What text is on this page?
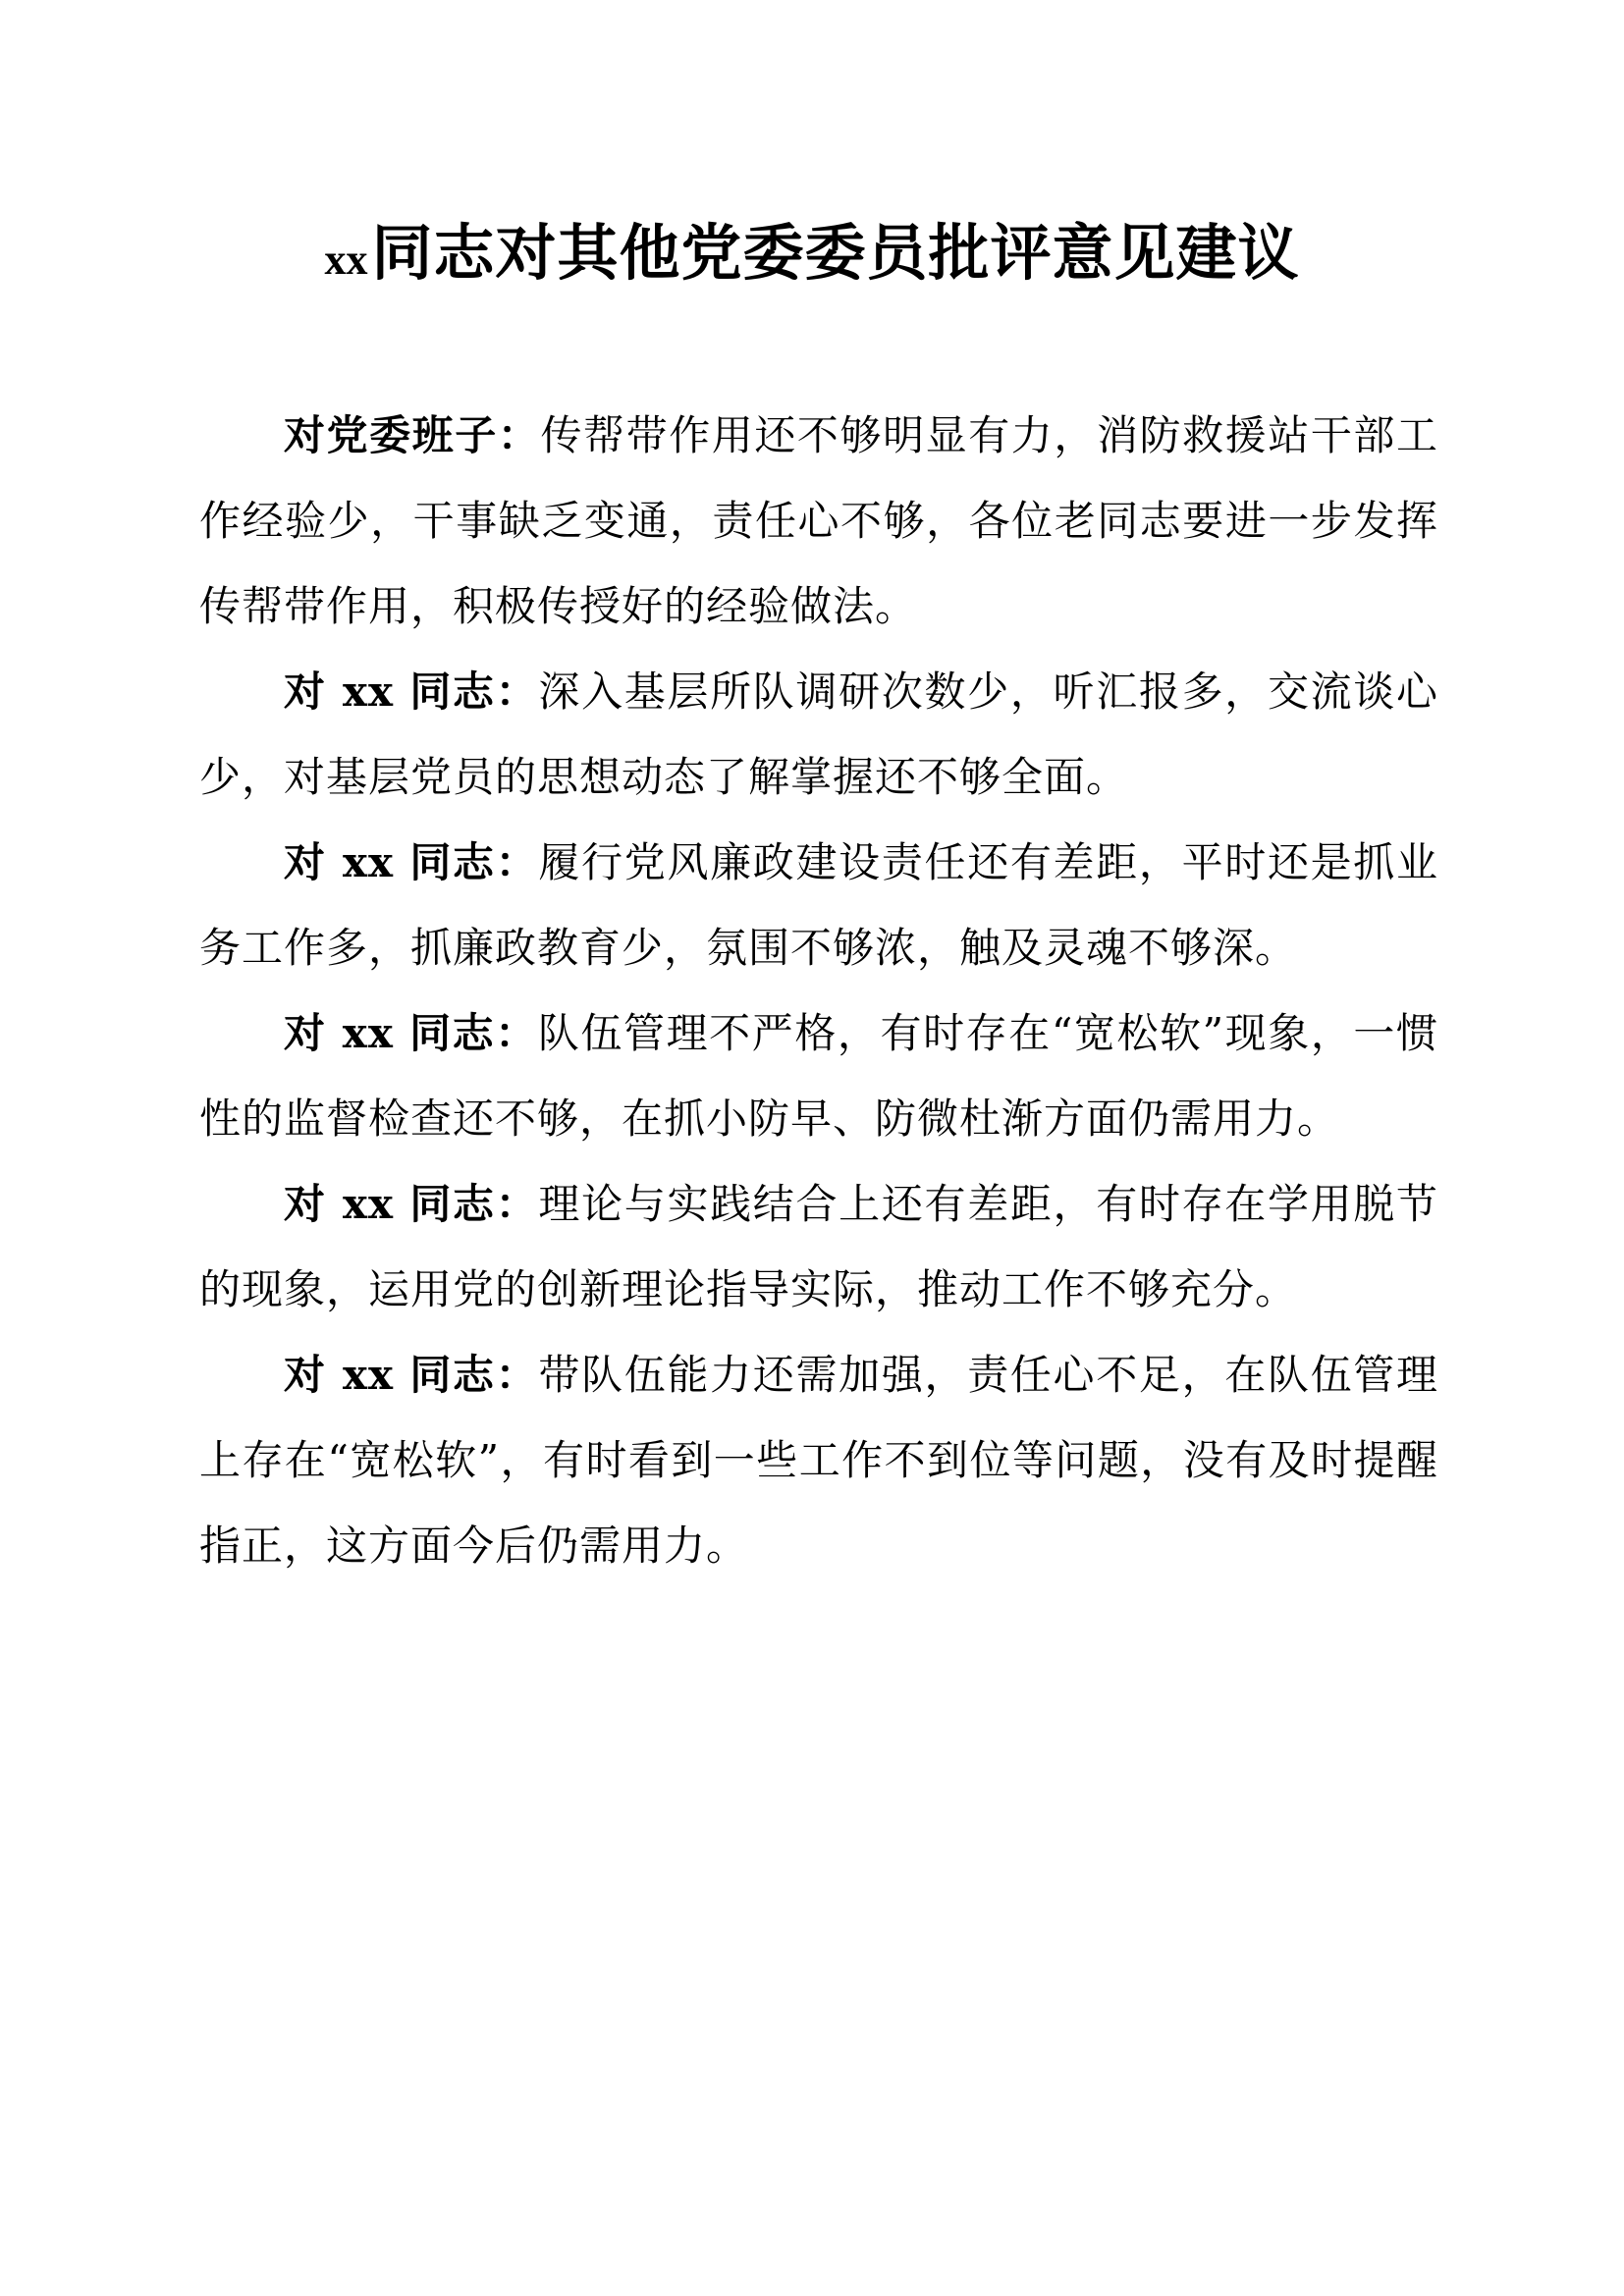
xx同志对其他党委委员批评意见建议

对党委班子：传帮带作用还不够明显有力，消防救援站干部工作经验少，干事缺乏变通，责任心不够，各位老同志要进一步发挥传帮带作用，积极传授好的经验做法。

对 xx 同志：深入基层所队调研次数少，听汇报多，交流谈心少，对基层党员的思想动态了解掌握还不够全面。

对 xx 同志：履行党风廉政建设责任还有差距，平时还是抓业务工作多，抓廉政教育少，氛围不够浓，触及灵魂不够深。

对 xx 同志：队伍管理不严格，有时存在“宽松软”现象，一惯性的监督检查还不够，在抓小防早、防微杜渐方面仍需用力。

对 xx 同志：理论与实践结合上还有差距，有时存在学用脱节的现象，运用党的创新理论指导实际，推动工作不够充分。

对 xx 同志：带队伍能力还需加强，责任心不足，在队伍管理上存在“宽松软”，有时看到一些工作不到位等问题，没有及时提醒指正，这方面今后仍需用力。
